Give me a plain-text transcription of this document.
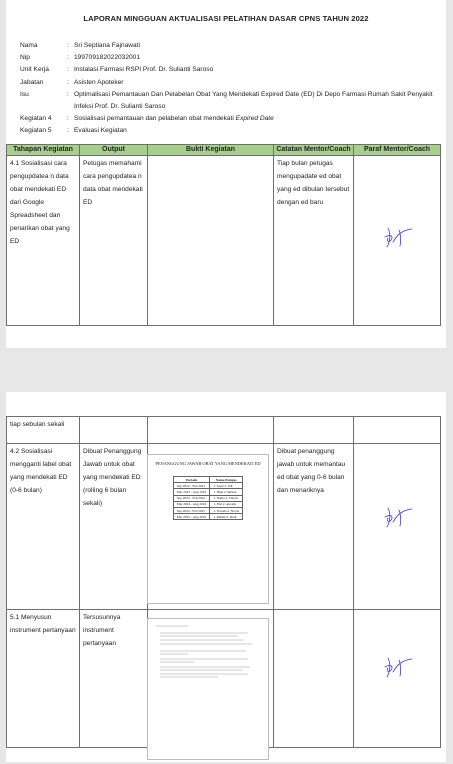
LAPORAN MINGGUAN AKTUALISASI PELATIHAN DASAR CPNS TAHUN 2022
Nama	: Sri Septiana Fajriawati
Nip	: 199709182022032001
Unit Kerja	: Instalasi Farmasi RSPI Prof. Dr. Sulianti Saroso
Jabatan	: Asisten Apoteker
Isu	: Optimalisasi Pemantauan Dan Pelabelan Obat Yang Mendekati Expired Date (ED) Di Depo Farmasi Rumah Sakit Penyakit Infeksi Prof. Dr. Sulianti Saroso
Kegiatan 4	: Sosialisasi pemantauan dan pelabelan obat mendekati Expired Date
Kegiatan 5	: Evaluasi Kegiatan
Tahapan Kegiatan	Output	Bukti Kegiatan	Catatan Mentor/Coach	Paraf Mentor/Coach

4.1 Sosialisasi cara pengupdatea n data obat mendekati ED dari Google Spreadsheet dan penarikan obat yang ED	Petugas memahami cara pengupdatea n data obat mendekati ED		Tiap bulan petugas mengupadate ed obat yang ed dibulan tersebut dengan ed baru	

tiap sebulan sekali				

4.2 Sosialisasi mengganti label obat yang mendekati ED (0-6 bulan)	Dibuat Penanggung Jawab untuk obat yang mendekati ED (rolling 6 bulan sekali)		Dibuat penanggung jawab untuk memantau ed obat yang 0-6 bulan dan menariknya	

5.1 Menyusun instrument pertanyaan	Tersusunnya instrument pertanyaan			

PENANGGUNG JAWAB OBAT YANG MENDEKATI ED
Periode	Nama Petugas
Sep 2022 - Feb 2023	1. Septi 2. Edi
Mar 2023 - Aug 2023	1. Dina 2. Ikhsan
Sep 2023 - Feb 2024	1. Nadia 2. Tiarah
Mar 2024 - Aug 2024	1. Elsi 2. Apotek
Sep 2024 - Feb 2025	1. Yonada 2. Novia
Mar 2025 - Aug 2025	1. Rahmi 2. Rudi
